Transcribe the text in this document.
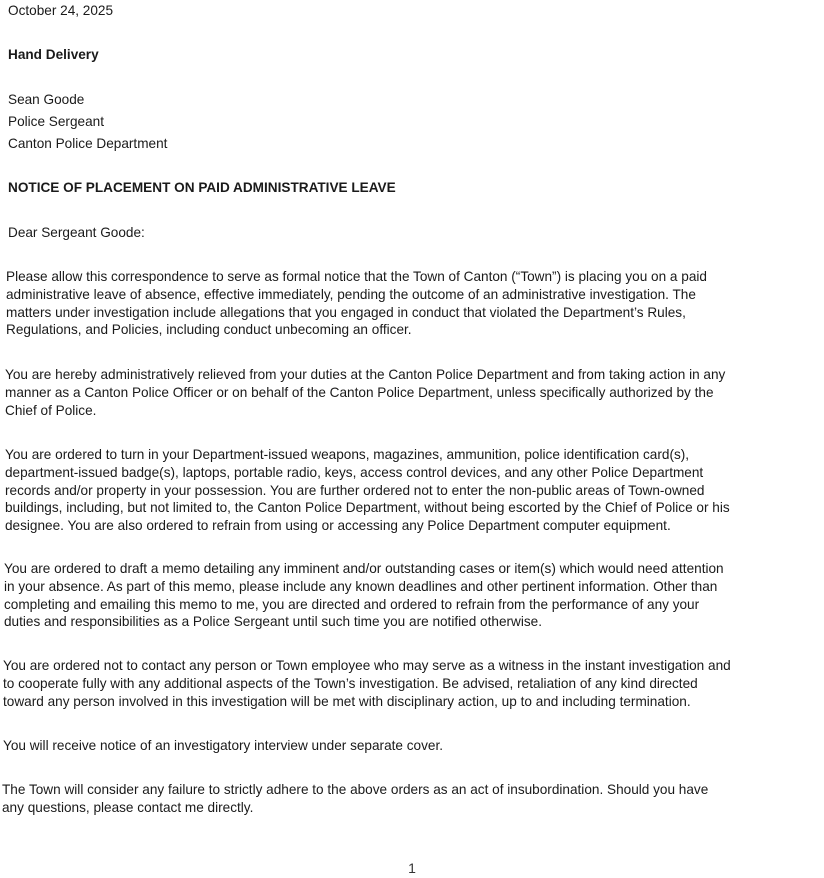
October 24, 2025
Hand Delivery
Sean Goode
Police Sergeant
Canton Police Department
NOTICE OF PLACEMENT ON PAID ADMINISTRATIVE LEAVE
Dear Sergeant Goode:
Please allow this correspondence to serve as formal notice that the Town of Canton (“Town”) is placing you on a paid
administrative leave of absence, effective immediately, pending the outcome of an administrative investigation. The
matters under investigation include allegations that you engaged in conduct that violated the Department’s Rules,
Regulations, and Policies, including conduct unbecoming an officer.
You are hereby administratively relieved from your duties at the Canton Police Department and from taking action in any
manner as a Canton Police Officer or on behalf of the Canton Police Department, unless specifically authorized by the
Chief of Police.
You are ordered to turn in your Department-issued weapons, magazines, ammunition, police identification card(s),
department-issued badge(s), laptops, portable radio, keys, access control devices, and any other Police Department
records and/or property in your possession. You are further ordered not to enter the non-public areas of Town-owned
buildings, including, but not limited to, the Canton Police Department, without being escorted by the Chief of Police or his
designee. You are also ordered to refrain from using or accessing any Police Department computer equipment.
You are ordered to draft a memo detailing any imminent and/or outstanding cases or item(s) which would need attention
in your absence. As part of this memo, please include any known deadlines and other pertinent information. Other than
completing and emailing this memo to me, you are directed and ordered to refrain from the performance of any your
duties and responsibilities as a Police Sergeant until such time you are notified otherwise.
You are ordered not to contact any person or Town employee who may serve as a witness in the instant investigation and
to cooperate fully with any additional aspects of the Town’s investigation. Be advised, retaliation of any kind directed
toward any person involved in this investigation will be met with disciplinary action, up to and including termination.
You will receive notice of an investigatory interview under separate cover.
The Town will consider any failure to strictly adhere to the above orders as an act of insubordination. Should you have
any questions, please contact me directly.
1
